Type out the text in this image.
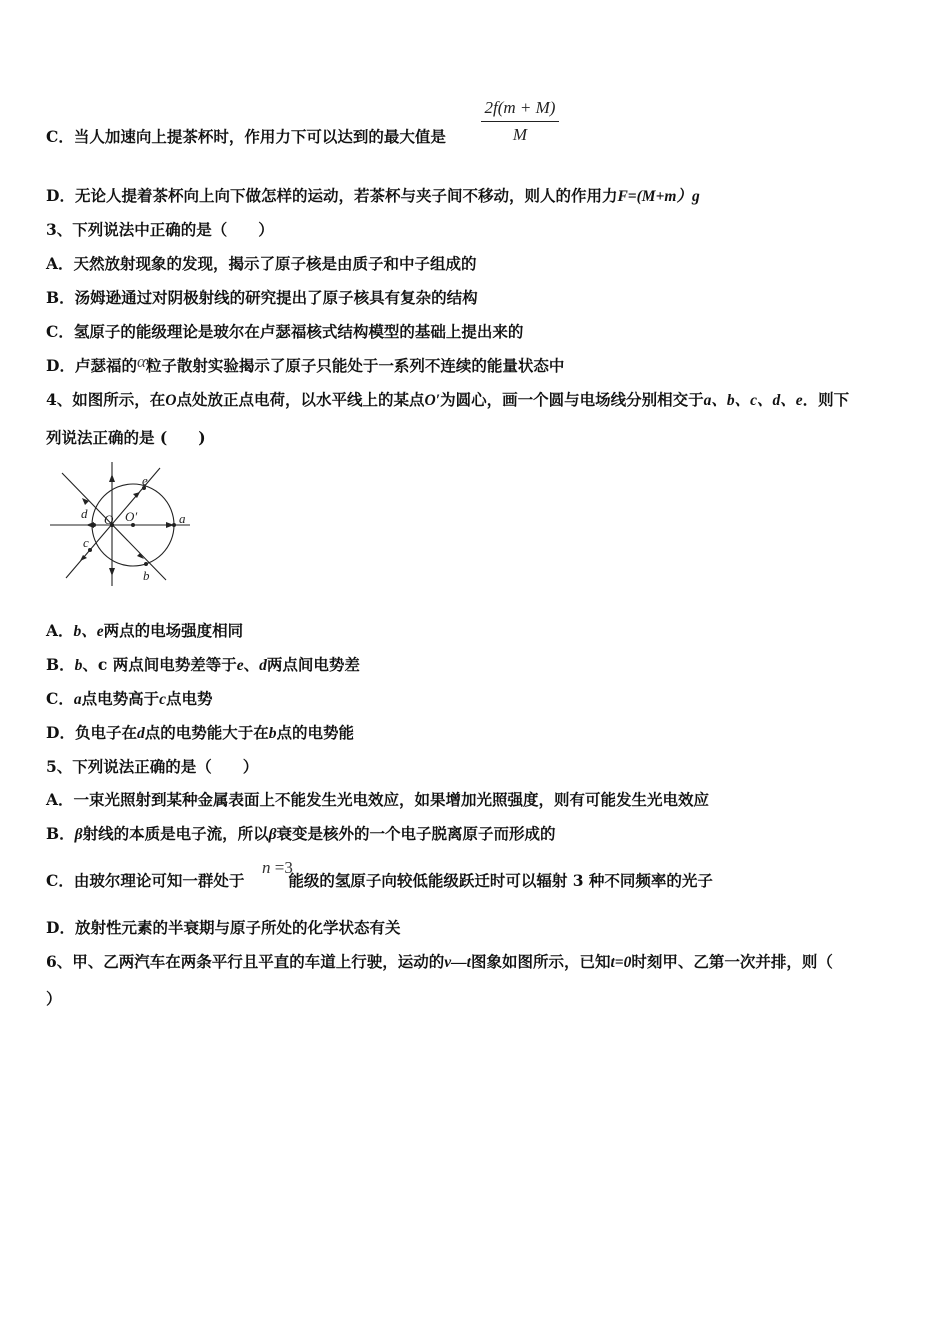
C．当人加速向上提茶杯时，作用力下可以达到的最大值是 $\frac{2f(m + M)}{M}$
D．无论人提着茶杯向上向下做怎样的运动，若茶杯与夹子间不移动，则人的作用力F=(M+m）g
3、下列说法中正确的是（　　）
A．天然放射现象的发现，揭示了原子核是由质子和中子组成的
B．汤姆逊通过对阴极射线的研究提出了原子核具有复杂的结构
C．氢原子的能级理论是玻尔在卢瑟福核式结构模型的基础上提出来的
D．卢瑟福的α粒子散射实验揭示了原子只能处于一系列不连续的能量状态中
4、如图所示，在O点处放正点电荷，以水平线上的某点O′为圆心，画一个圆与电场线分别相交于a、b、c、d、e．则下
列说法正确的是 (　　)
e
d O O′	a
c
b
A．b、e两点的电场强度相同
B．b、c 两点间电势差等于e、d两点间电势差
C．a点电势高于c点电势
D．负电子在d点的电势能大于在b点的电势能
5、下列说法正确的是（　　）
A．一束光照射到某种金属表面上不能发生光电效应，如果增加光照强度，则有可能发生光电效应
B．β射线的本质是电子流，所以β衰变是核外的一个电子脱离原子而形成的
C．由玻尔理论可知一群处于	能级的氢原子向较低能级跃迁时可以辐射 3 种不同频率的光子
n =3
D．放射性元素的半衰期与原子所处的化学状态有关
6、甲、乙两汽车在两条平行且平直的车道上行驶，运动的v—t图象如图所示，已知t=0时刻甲、乙第一次并排，则（
）
